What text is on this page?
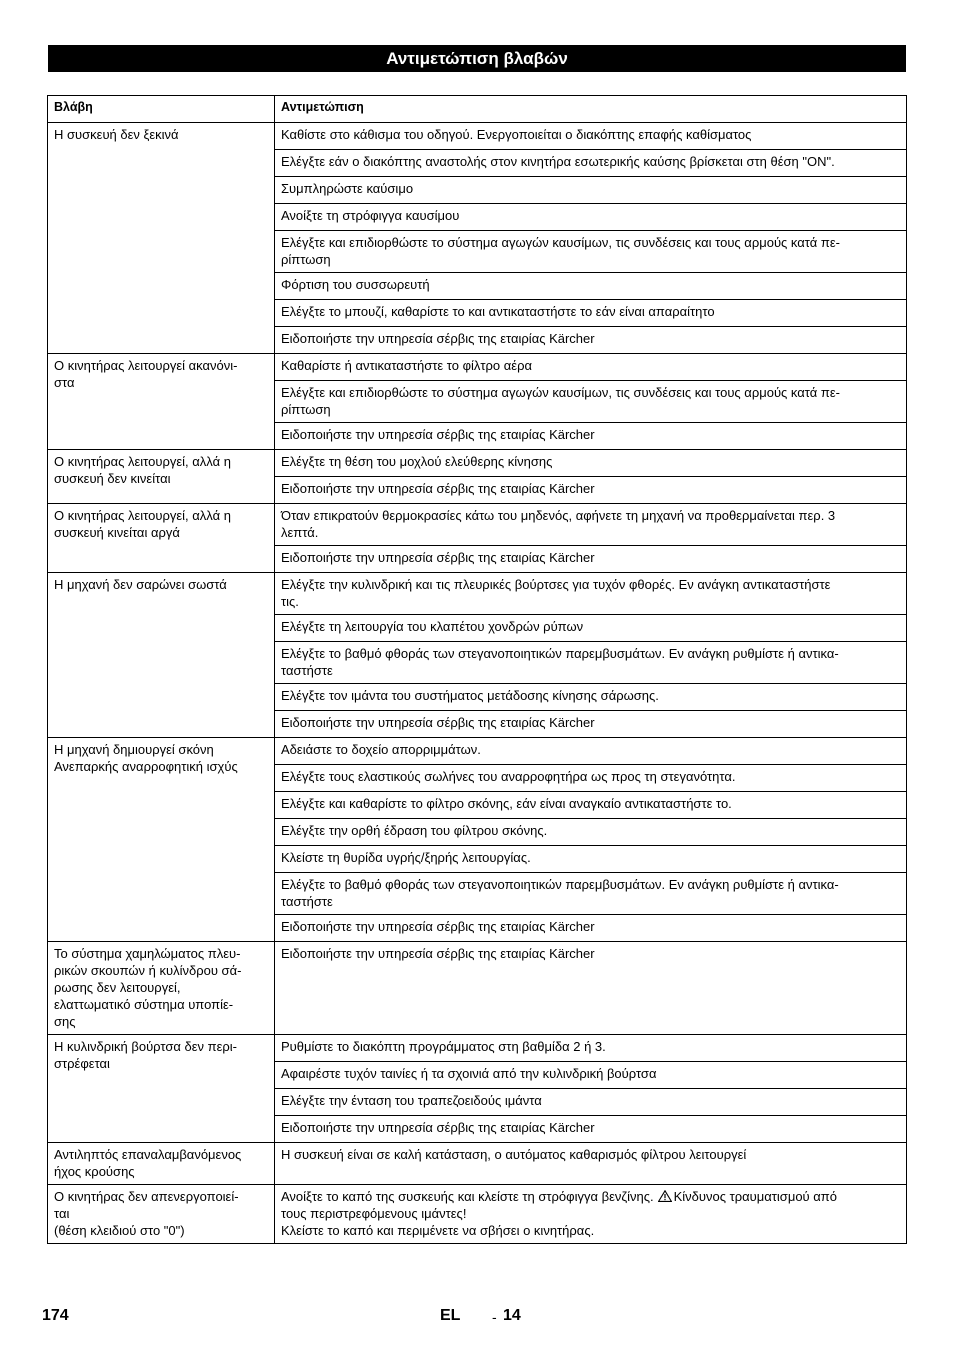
Αντιμετώπιση βλαβών
Βλάβη	Αντιμετώπιση
Η συσκευή δεν ξεκινά	Καθίστε στο κάθισμα του οδηγού. Ενεργοποιείται ο διακόπτης επαφής καθίσματος
	Ελέγξτε εάν ο διακόπτης αναστολής στον κινητήρα εσωτερικής καύσης βρίσκεται στη θέση "ON".
	Συμπληρώστε καύσιμο
	Ανοίξτε τη στρόφιγγα καυσίμου
	Ελέγξτε και επιδιορθώστε το σύστημα αγωγών καυσίμων, τις συνδέσεις και τους αρμούς κατά πε-
ρίπτωση
	Φόρτιση του συσσωρευτή
	Ελέγξτε το μπουζί, καθαρίστε το και αντικαταστήστε το εάν είναι απαραίτητο
	Ειδοποιήστε την υπηρεσία σέρβις της εταιρίας Kärcher
Ο κινητήρας λειτουργεί ακανόνι-
στα	Καθαρίστε ή αντικαταστήστε το φίλτρο αέρα
	Ελέγξτε και επιδιορθώστε το σύστημα αγωγών καυσίμων, τις συνδέσεις και τους αρμούς κατά πε-
ρίπτωση
	Ειδοποιήστε την υπηρεσία σέρβις της εταιρίας Kärcher
Ο κινητήρας λειτουργεί, αλλά η
συσκευή δεν κινείται	Ελέγξτε τη θέση του μοχλού ελεύθερης κίνησης
	Ειδοποιήστε την υπηρεσία σέρβις της εταιρίας Kärcher
Ο κινητήρας λειτουργεί, αλλά η
συσκευή κινείται αργά	Όταν επικρατούν θερμοκρασίες κάτω του μηδενός, αφήνετε τη μηχανή να προθερμαίνεται περ. 3
λεπτά.
	Ειδοποιήστε την υπηρεσία σέρβις της εταιρίας Kärcher
Η μηχανή δεν σαρώνει σωστά	Ελέγξτε την κυλινδρική και τις πλευρικές βούρτσες για τυχόν φθορές. Εν ανάγκη αντικαταστήστε
τις.
	Ελέγξτε τη λειτουργία του κλαπέτου χονδρών ρύπων
	Ελέγξτε το βαθμό φθοράς των στεγανοποιητικών παρεμβυσμάτων. Εν ανάγκη ρυθμίστε ή αντικα-
ταστήστε
	Ελέγξτε τον ιμάντα του συστήματος μετάδοσης κίνησης σάρωσης.
	Ειδοποιήστε την υπηρεσία σέρβις της εταιρίας Kärcher
Η μηχανή δημιουργεί σκόνη
Ανεπαρκής αναρροφητική ισχύς	Αδειάστε το δοχείο απορριμμάτων.
	Ελέγξτε τους ελαστικούς σωλήνες του αναρροφητήρα ως προς τη στεγανότητα.
	Ελέγξτε και καθαρίστε το φίλτρο σκόνης, εάν είναι αναγκαίο αντικαταστήστε το.
	Ελέγξτε την ορθή έδραση του φίλτρου σκόνης.
	Κλείστε τη θυρίδα υγρής/ξηρής λειτουργίας.
	Ελέγξτε το βαθμό φθοράς των στεγανοποιητικών παρεμβυσμάτων. Εν ανάγκη ρυθμίστε ή αντικα-
ταστήστε
	Ειδοποιήστε την υπηρεσία σέρβις της εταιρίας Kärcher
Το σύστημα χαμηλώματος πλευ-
ρικών σκουπών ή κυλίνδρου σά-
ρωσης δεν λειτουργεί,
ελαττωματικό σύστημα υποπίε-
σης	Ειδοποιήστε την υπηρεσία σέρβις της εταιρίας Kärcher
Η κυλινδρική βούρτσα δεν περι-
στρέφεται	Ρυθμίστε το διακόπτη προγράμματος στη βαθμίδα 2 ή 3.
	Αφαιρέστε τυχόν ταινίες ή τα σχοινιά από την κυλινδρική βούρτσα
	Ελέγξτε την ένταση του τραπεζοειδούς ιμάντα
	Ειδοποιήστε την υπηρεσία σέρβις της εταιρίας Kärcher
Αντιληπτός επαναλαμβανόμενος
ήχος κρούσης	Η συσκευή είναι σε καλή κατάσταση, ο αυτόματος καθαρισμός φίλτρου λειτουργεί
Ο κινητήρας δεν απενεργοποιεί-
ται
(θέση κλειδιού στο "0")	Ανοίξτε το καπό της συσκευής και κλείστε τη στρόφιγγα βενζίνης. Κίνδυνος τραυματισμού από
τους περιστρεφόμενους ιμάντες!
Κλείστε το καπό και περιμένετε να σβήσει ο κινητήρας.
174	EL - 14
